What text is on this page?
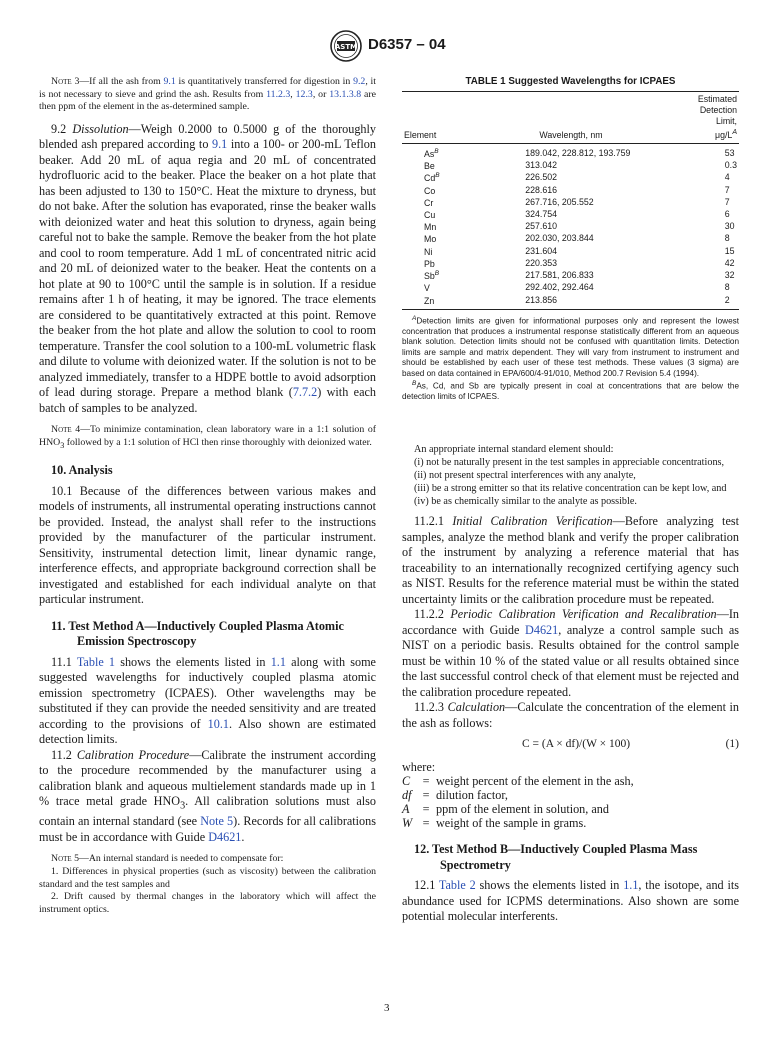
ASTM D6357 – 04

Note 3—If all the ash from 9.1 is quantitatively transferred for digestion in 9.2, it is not necessary to sieve and grind the ash. Results from 11.2.3, 12.3, or 13.1.3.8 are then ppm of the element in the as-determined sample.

9.2 Dissolution—Weigh 0.2000 to 0.5000 g of the thoroughly blended ash prepared according to 9.1 into a 100- or 200-mL Teflon beaker. Add 20 mL of aqua regia and 20 mL of concentrated hydrofluoric acid to the beaker. Place the beaker on a hot plate that has been adjusted to 130 to 150°C. Heat the mixture to dryness, but do not bake. After the solution has evaporated, rinse the beaker walls with deionized water and heat this solution to dryness, again being careful not to bake the sample. Remove the beaker from the hot plate and cool to room temperature. Add 1 mL of concentrated nitric acid and 20 mL of deionized water to the beaker. Heat the contents on a hot plate at 90 to 100°C until the sample is in solution. If a residue remains after 1 h of heating, it may be ignored. The trace elements are considered to be quantitatively extracted at this point. Remove the beaker from the hot plate and allow the solution to cool to room temperature. Transfer the cool solution to a 100-mL volumetric flask and dilute to volume with deionized water. If the solution is not to be analyzed immediately, transfer to a HDPE bottle to avoid adsorption of lead during storage. Prepare a method blank (7.7.2) with each batch of samples to be analyzed.

Note 4—To minimize contamination, clean laboratory ware in a 1:1 solution of $HNO_3$ followed by a 1:1 solution of HCl then rinse thoroughly with deionized water.

10. Analysis

10.1 Because of the differences between various makes and models of instruments, all instrumental operating instructions cannot be provided. Instead, the analyst shall refer to the instructions provided by the manufacturer of the particular instrument. Sensitivity, instrumental detection limit, linear dynamic range, interference effects, and appropriate background correction shall be investigated and established for each individual analyte on that particular instrument.

11. Test Method A—Inductively Coupled Plasma Atomic Emission Spectroscopy

11.1 Table 1 shows the elements listed in 1.1 along with some suggested wavelengths for inductively coupled plasma atomic emission spectrometry (ICPAES). Other wavelengths may be substituted if they can provide the needed sensitivity and are treated according to the provisions of 10.1. Also shown are estimated detection limits.

11.2 Calibration Procedure—Calibrate the instrument according to the procedure recommended by the manufacturer using a calibration blank and aqueous multielement standards made up in 1 % trace metal grade $HNO_3$. All calibration solutions must also contain an internal standard (see Note 5). Records for all calibrations must be in accordance with Guide D4621.

Note 5—An internal standard is needed to compensate for:

1. Differences in physical properties (such as viscosity) between the calibration standard and the test samples and

2. Drift caused by thermal changes in the laboratory which will affect the instrument optics.

TABLE 1 Suggested Wavelengths for ICPAES

Element	Wavelength, nm	Estimated
Detection
Limit,
$\mu g/L^A$
$As^B$	189.042, 228.812, 193.759	53
Be	313.042	0.3
$Cd^B$	226.502	4
Co	228.616	7
Cr	267.716, 205.552	7
Cu	324.754	6
Mn	257.610	30
Mo	202.030, 203.844	8
Ni	231.604	15
Pb	220.353	42
$Sb^B$	217.581, 206.833	32
V	292.402, 292.464	8
Zn	213.856	2

$^A$Detection limits are given for informational purposes only and represent the lowest concentration that produces a instrumental response statistically different from an aqueous blank solution. Detection limits should not be confused with quantitation limits. Detection limits are sample and matrix dependent. They will vary from instrument to instrument and should be established by each user of these test methods. These values (3 sigma) are based on data contained in EPA/600/4-91/010, Method 200.7 Revision 5.4 (1994).

$^B$As, Cd, and Sb are typically present in coal at concentrations that are below the detection limits of ICPAES.

An appropriate internal standard element should:

(i) not be naturally present in the test samples in appreciable concentrations,

(ii) not present spectral interferences with any analyte,

(iii) be a strong emitter so that its relative concentration can be kept low, and

(iv) be as chemically similar to the analyte as possible.

11.2.1 Initial Calibration Verification—Before analyzing test samples, analyze the method blank and verify the proper calibration of the instrument by analyzing a reference material that has traceability to an internationally recognized certifying agency such as NIST. Results for the reference material must be within the stated uncertainty limits or the calibration procedure must be repeated.

11.2.2 Periodic Calibration Verification and Recalibration—In accordance with Guide D4621, analyze a control sample such as NIST on a periodic basis. Results obtained for the control sample must be within 10 % of the stated value or all results obtained since the last successful control check of that element must be rejected and the calibration procedure repeated.

11.2.3 Calculation—Calculate the concentration of the element in the ash as follows:

C = (A × df)/(W × 100)	(1)

where:

C	= weight percent of the element in the ash,
df = dilution factor,
A	= ppm of the element in solution, and
W = weight of the sample in grams.

12. Test Method B—Inductively Coupled Plasma Mass Spectrometry

12.1 Table 2 shows the elements listed in 1.1, the isotope, and its abundance used for ICPMS determinations. Also shown are some potential molecular interferents.

3
